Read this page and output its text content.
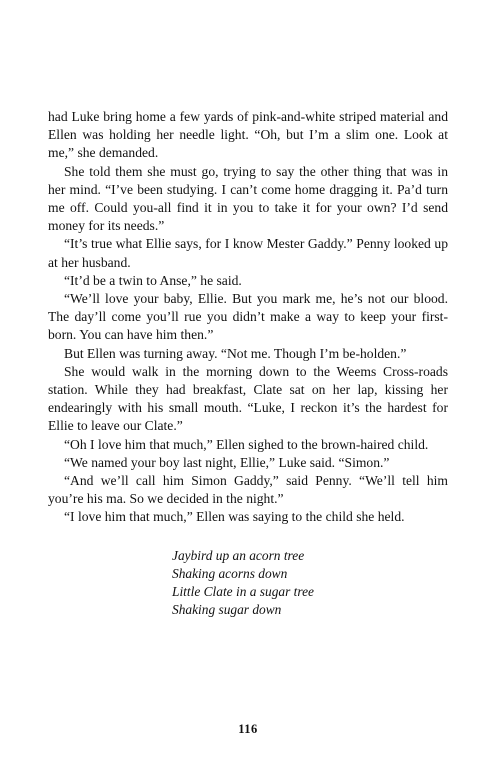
had Luke bring home a few yards of pink-and-white striped material and Ellen was holding her needle light. “Oh, but I’m a slim one. Look at me,” she demanded.

She told them she must go, trying to say the other thing that was in her mind. “I’ve been studying. I can’t come home dragging it. Pa’d turn me off. Could you-all find it in you to take it for your own? I’d send money for its needs.”

“It’s true what Ellie says, for I know Mester Gaddy.” Penny looked up at her husband.

“It’d be a twin to Anse,” he said.

“We’ll love your baby, Ellie. But you mark me, he’s not our blood. The day’ll come you’ll rue you didn’t make a way to keep your first-born. You can have him then.”

But Ellen was turning away. “Not me. Though I’m be-holden.”

She would walk in the morning down to the Weems Cross-roads station. While they had breakfast, Clate sat on her lap, kissing her endearingly with his small mouth. “Luke, I reckon it’s the hardest for Ellie to leave our Clate.”

“Oh I love him that much,” Ellen sighed to the brown-haired child.

“We named your boy last night, Ellie,” Luke said. “Simon.”

“And we’ll call him Simon Gaddy,” said Penny. “We’ll tell him you’re his ma. So we decided in the night.”

“I love him that much,” Ellen was saying to the child she held.

Jaybird up an acorn tree
Shaking acorns down
Little Clate in a sugar tree
Shaking sugar down
116
